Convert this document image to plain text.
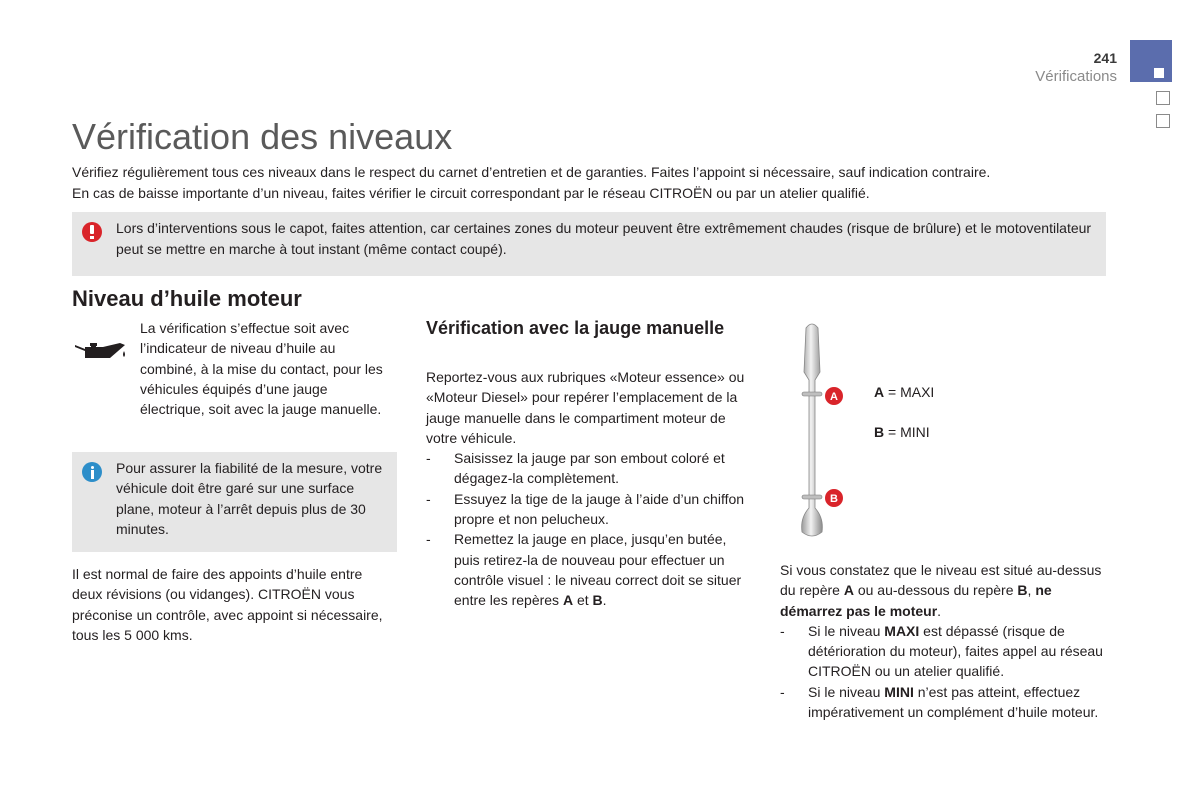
241
Vérifications
Vérification des niveaux

Vérifiez régulièrement tous ces niveaux dans le respect du carnet d’entretien et de garanties. Faites l’appoint si nécessaire, sauf indication contraire.

En cas de baisse importante d’un niveau, faites vérifier le circuit correspondant par le réseau CITROËN ou par un atelier qualifié.

Lors d’interventions sous le capot, faites attention, car certaines zones du moteur peuvent être extrêmement chaudes (risque de brûlure) et le motoventilateur peut se mettre en marche à tout instant (même contact coupé).
Niveau d’huile moteur
La vérification s’effectue soit avec l’indicateur de niveau d’huile au combiné, à la mise du contact, pour les véhicules équipés d’une jauge électrique, soit avec la jauge manuelle.
Pour assurer la fiabilité de la mesure, votre véhicule doit être garé sur une surface plane, moteur à l’arrêt depuis plus de 30 minutes.
Il est normal de faire des appoints d’huile entre deux révisions (ou vidanges). CITROËN vous préconise un contrôle, avec appoint si nécessaire, tous les 5 000 kms.
Vérification avec la jauge manuelle

Reportez-vous aux rubriques «Moteur essence» ou «Moteur Diesel» pour repérer l’emplacement de la jauge manuelle dans le compartiment moteur de votre véhicule.

- Saisissez la jauge par son embout coloré et dégagez-la complètement.
- Essuyez la tige de la jauge à l’aide d’un chiffon propre et non pelucheux.
- Remettez la jauge en place, jusqu’en butée, puis retirez-la de nouveau pour effectuer un contrôle visuel : le niveau correct doit se situer entre les repères A et B.
A
B
A = MAXI
B = MINI

Si vous constatez que le niveau est situé au-dessus du repère A ou au-dessous du repère B, ne démarrez pas le moteur.

- Si le niveau MAXI est dépassé (risque de détérioration du moteur), faites appel au réseau CITROËN ou un atelier qualifié.
- Si le niveau MINI n’est pas atteint, effectuez impérativement un complément d’huile moteur.
